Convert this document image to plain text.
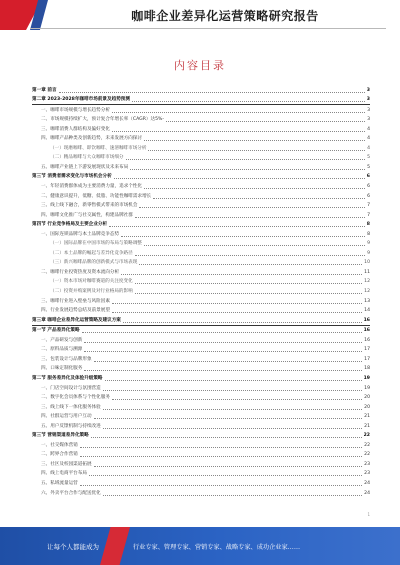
咖啡企业差异化运营策略研究报告
内容目录
第一章 前言	3
第二章 2023-2028年咖啡市场前景及趋势预测	3
一、咖啡市场规模与增长趋势分析	3
二、市场规模持续扩大，预计复合年增长率（CAGR）达5%-	3
三、咖啡消费人群结构及偏好变化	4
四、咖啡产品种类及创新趋势，未来发展方向探讨	4
（一）现磨咖啡、即饮咖啡、速溶咖啡市场分析	4
（二）精品咖啡与大众咖啡市场细分	5
五、咖啡产业链上下游发展现状及未来布局	5
第三节 消费者需求变化与市场机会分析	6
一、年轻消费群体成为主要消费力量，追求个性化	6
二、健康意识提升，低糖、低脂、功能性咖啡需求增长	6
三、线上线下融合，新零售模式带来的市场机会	7
四、咖啡文化推广与社交属性，构建品牌社群	7
第四节 行业竞争格局及主要企业分析	8
一、国际连锁品牌与本土品牌竞争态势	8
（一）国际品牌在中国市场的布局与策略调整	9
（二）本土品牌的崛起与差异化竞争路径	9
（三）新兴咖啡品牌的创新模式与市场表现	10
二、咖啡行业投资热度及资本流向分析	11
（一）资本市场对咖啡赛道的关注度变化	12
（二）投资并购案例及对行业格局的影响	12
三、咖啡行业进入壁垒与风险因素	13
四、行业发展趋势总结及前景展望	14
第三章 咖啡企业差异化运营策略及建议方案	16
第一节 产品差异化策略	16
一、产品研发与创新	16
二、原料品质与溯源	17
三、包装设计与品牌形象	17
四、口味定制化服务	18
第二节 服务差异化及体验升级策略	19
一、门店空间设计与氛围营造	19
二、数字化会员体系与个性化服务	20
三、线上线下一体化服务体验	20
四、社群运营与用户互动	21
五、用户反馈机制与持续改进	21
第三节 营销渠道差异化策略	22
一、社交媒体营销	22
二、跨界合作营销	22
三、社区及校园渠道拓展	23
四、线上电商平台布局	23
五、私域流量运营	24
六、外卖平台合作与配送优化	24
1
让每个人都能成为	行业专家、管理专家、营销专家、战略专家、成功企业家……
